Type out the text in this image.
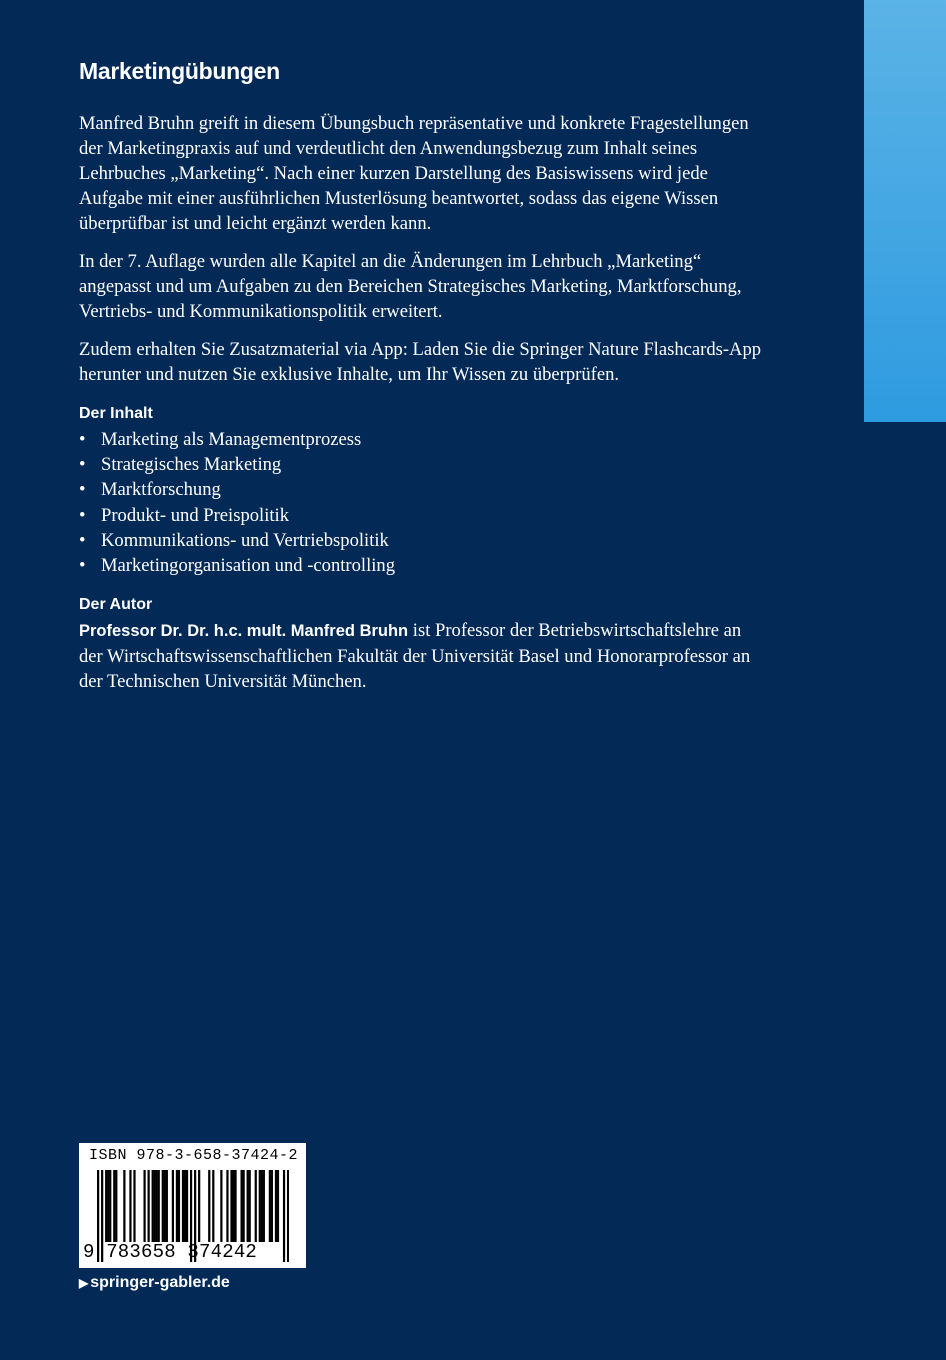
Marketingübungen

Manfred Bruhn greift in diesem Übungsbuch repräsentative und konkrete Fragestellungen der Marketingpraxis auf und verdeutlicht den Anwendungsbezug zum Inhalt seines Lehrbuches „Marketing“. Nach einer kurzen Darstellung des Basiswissens wird jede Aufgabe mit einer ausführlichen Musterlösung beantwortet, sodass das eigene Wissen überprüfbar ist und leicht ergänzt werden kann.

In der 7. Auflage wurden alle Kapitel an die Änderungen im Lehrbuch „Marketing“ angepasst und um Aufgaben zu den Bereichen Strategisches Marketing, Marktforschung, Vertriebs- und Kommunikationspolitik erweitert.

Zudem erhalten Sie Zusatzmaterial via App: Laden Sie die Springer Nature Flashcards-App herunter und nutzen Sie exklusive Inhalte, um Ihr Wissen zu überprüfen.

Der Inhalt
• Marketing als Managementprozess
• Strategisches Marketing
• Marktforschung
• Produkt- und Preispolitik
• Kommunikations- und Vertriebspolitik
• Marketingorganisation und -controlling
Der Autor

Professor Dr. Dr. h.c. mult. Manfred Bruhn ist Professor der Betriebswirtschaftslehre an der Wirtschaftswissenschaftlichen Fakultät der Universität Basel und Honorarprofessor an der Technischen Universität München.

ISBN 978-3-658-37424-2
9 783658 374242
▶ springer-gabler.de
